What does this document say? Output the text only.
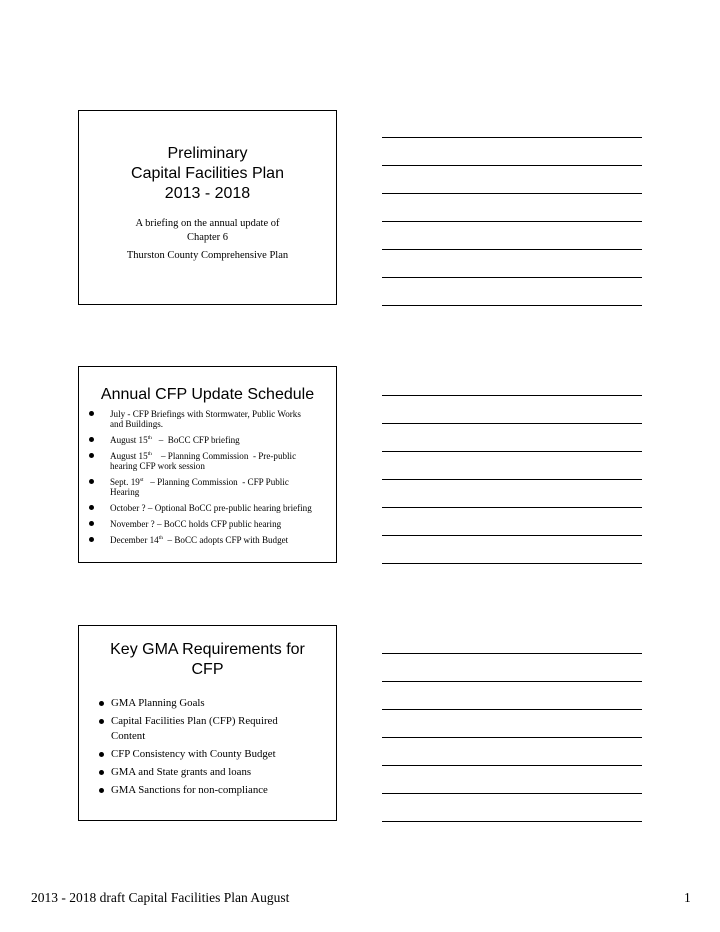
Preliminary
Capital Facilities Plan
2013 - 2018

A briefing on the annual update of Chapter 6

Thurston County Comprehensive Plan

Annual CFP Update Schedule

July - CFP Briefings with Stormwater, Public Works and Buildings.
August 15th   –  BoCC CFP briefing
August 15th    – Planning Commission  - Pre-public hearing CFP work session
Sept. 19st   – Planning Commission  - CFP Public Hearing
October ? – Optional BoCC pre-public hearing briefing
November ? – BoCC holds CFP public hearing
December 14th  – BoCC adopts CFP with Budget

Key GMA Requirements for
CFP

GMA Planning Goals
Capital Facilities Plan (CFP) Required Content
CFP Consistency with County Budget
GMA and State grants and loans
GMA Sanctions for non-compliance
2013 - 2018 draft Capital Facilities Plan August	1
